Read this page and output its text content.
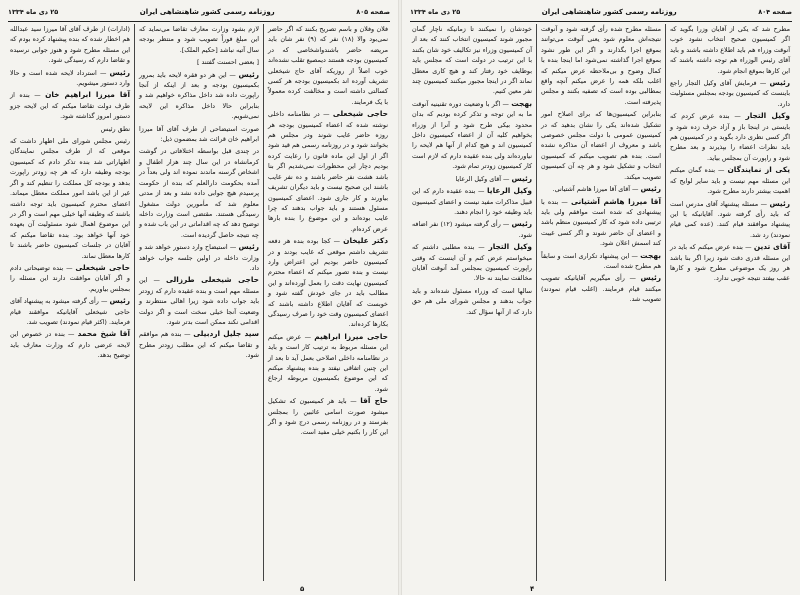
صفحه ۸۰۵
روزنامه رسمی کشور شاهنشاهی ایران
۲۵ دی ماه ۱۳۳۴

فلان وفلان و باسم تصریح بکنند که اگر حاضر نمی‌بود والا (۱۸) نفر که (۹) نفر شان باید مریضه حاضر باشندواشخاصی که در کمیسیون بودجه هستند دیمصیع تقلب نشده‌اند خوب اصلاً از روزیکه آقای حاج شیخعلی تشریف آورده اند بکمیسیون بودجه هر کسی کسالتی داشته است و مخالفت کرده معمولاً با یک فرمایند.

حاجی شیخعلی — در نظامنامه داخلی نوشته شده که اعضاء کمیسیون بودجه هر روزه حاضر غایب شوند ودر مجلس هم بخوانند شود و در روزنامه رسمی هم قید شود اگر از اول این ماده قانون را رعایت کرده بودیم دچار این محظورات نمی‌شدیم اگر بنا باشد هشت نفر حاضر باشند و ده نفر غایب باشند این صحیح نیست و باید دیگران تشریف بیاورند و کار جاری شود. اعضای کمیسیون مسئول هستند و باید جواب بدهند که چرا غایب بوده‌اند و این موضوع را بنده بارها عرض کرده‌ام.

دکتر علیخان — کجا بوده بنده هر دفعه تشریف داشتم موقعی که غایب بودند و در کمیسیون حاضر بودیم این اعتراض وارد نیست و بنده تصور میکنم که اعضاء محترم کمیسیون نهایت دقت را بعمل آورده‌اند و این مطالب باید در جای خودش گفته شود و خوبست که آقایان اطلاع داشته باشند که اعضای کمیسیون وقت خود را صرف رسیدگی بکارها کرده‌اند.

حاجی میرزا ابراهیم — عرض میکنم این مسئله مربوط به ترتیب کار است و باید در نظامنامه داخلی اصلاحی بعمل آید تا بعد از این چنین اتفاقی نیفتد و بنده پیشنهاد میکنم که این موضوع بکمیسیون مربوطه ارجاع شود.

حاج آقا — باید هر کمیسیون که تشکیل میشود صورت اسامی غائبین را بمجلس بفرستد و در روزنامه رسمی درج شود و اگر این کار را بکنیم خیلی مفید است.

لازم بشود وزارت معارف تقاضا می‌نماید که این مبلغ فوراً تصویب شود و منتظر بودجه سال آتیه نباشد [حکیم الملک].

[ بعضی احسنت گفتند ]

رئیس — این هر دو فقره لایحه باید بمرور بکمیسیون بودجه و بعد از اینکه از آنجا راپورت داده شد داخل مذاکره خواهیم شد و بنابراین حالا داخل مذاکره این لایحه نمی‌شویم.

صورت استیضاحی از طرف آقای آقا میرزا ابراهیم خان قرائت شد بمضمون ذیل:

در چندی قبل بواسطه اختلافاتی در گوشت کرمانشاه در این سال چند هزار اطفال و اشخاص گرسنه ماندند نموده اند ولی بعداً در آمده بحکومت دارالعلم که بنده از حکومت پرسیدم هیچ جوابی داده نشد و بعد از مدتی معلوم شد که مأمورین دولت مشغول رسیدگی هستند. مقتضی است وزارت داخله توضیح دهد که چه اقداماتی در این باب شده و چه نتیجه حاصل گردیده است.

رئیس — استیضاح وارد دستور خواهد شد و وزارت داخله در اولین جلسه جواب خواهد داد.

حاجی شیخعلی طرزالی — این مسئله مهم است و بنده عقیده دارم که زودتر باید جواب داده شود زیرا اهالی منتظرند و وضعیت آنجا خیلی سخت است و اگر دولت اقدامی نکند ممکن است بدتر شود.

سید جلیل اردبیلی — بنده هم موافقم و تقاضا میکنم که این مطلب زودتر مطرح شود.

(ادارات) از طرف آقای آقا میرزا سید عبدالله هم اخطار شده که بنده پیشنهاد کرده بودم که این مسئله مطرح شود و هنوز جوابی نرسیده و تقاضا دارم که رسیدگی شود.

رئیس — استرداد لایحه شده است و حالا وارد دستور میشویم.

آقا میرزا ابراهیم خان — بنده از طرف دولت تقاضا میکنم که این لایحه جزو دستور امروز گذاشته شود.

نطق رئیس

رئیس مجلس شورای ملی اظهار داشت که موقعی که از طرف مجلس نمایندگان اظهاراتی شد بنده تذکر دادم که کمیسیون بودجه وظیفه دارد که هر چه زودتر راپورت بدهد و بودجه کل مملکت را تنظیم کند و اگر غیر از این باشد امور مملکت معطل میماند. اعضای محترم کمیسیون باید توجه داشته باشند که وظیفه آنها خیلی مهم است و اگر در این موضوع اهمال شود مسئولیت آن بعهده خود آنها خواهد بود. بنده تقاضا میکنم که آقایان در جلسات کمیسیون حاضر باشند تا کارها معطل نماند.

حاجی شیخعلی — بنده توضیحاتی دادم و اگر آقایان موافقت دارند این مسئله را بمجلس بیاوریم.

رئیس — رأی گرفته میشود به پیشنهاد آقای حاجی شیخعلی آقایانیکه موافقند قیام فرمایند. (اکثر قیام نمودند) تصویب شد.

آقا شیخ محمد — بنده در خصوص این لایحه عرضی دارم که وزارت معارف باید توضیح بدهد.

۵
صفحه ۸۰۴
روزنامه رسمی کشور شاهنشاهی ایران
۲۵ دی ماه ۱۳۳۴

مطرح شد که یکی از آقایان وزرا بگوید که اگر کمیسیون صحیح انتخاب نشود خوب آنوقت وزراء هم باید اطلاع داشته باشند و باید آقای رئیس الوزراء هم توجه داشته باشند که این کارها بموقع انجام شود.

رئیس — فرمایش آقای وکیل التجار راجع باینست که کمیسیون بودجه بمجلس مسئولیت دارد.

وکیل التجار — بنده عرض کردم که بایستی در اینجا باز و آزاد حرف زده شود و اگر کسی نظری دارد بگوید و در کمیسیون هم باید نظرات اعضاء را بپذیرند و بعد مطرح شود و راپورت آن بمجلس بیاید.

یکی از نمایندگان — بنده گمان میکنم این مسئله مهم نیست و باید سایر لوایح که اهمیت بیشتر دارند مطرح شود.

رئیس — مسئله پیشنهاد آقای مدرس است که باید رأی گرفته شود. آقایانیکه با این پیشنهاد موافقند قیام کنند. (عده کمی قیام نمودند) رد شد.

آقای تدین — بنده عرض میکنم که باید در این مسئله قدری دقت شود زیرا اگر بنا باشد هر روز یک موضوعی مطرح شود و کارها عقب بیفتد نتیجه خوبی ندارد.

مسئله مطرح شده رأی گرفته شود و آنوقت نتیجه‌اش معلوم شود یعنی آنوقت می‌توانند بموقع اجرا بگذارند و اگر این طور نشود بموقع اجرا گذاشته نمی‌شود اما اینجا بنده با کمال وضوح و بی‌ملاحظه عرض میکنم که اغلب بلکه همه را عرض میکنم آنچه واقع بمطالبی بوده است که تصفیه بکنند و مجلس پذیرفته است.

بنابراین کمیسیون‌ها که برای اصلاح امور تشکیل شده‌اند یکی را نشان بدهید که در کمیسیون عمومی با دولت مجلس خصوصی باشد و معروف از اعضاء آن مذاکره نشده است. بنده هم تصویب میکنم که کمیسیون انتخاب و تشکیل شود و هر چه آن کمیسیون تصویب میکند.

رئیس — آقای آقا میرزا هاشم آشتیانی.

آقا میرزا هاشم آشتیانی — بنده با پیشنهادی که شده است موافقم ولی باید ترتیبی داده شود که کار کمیسیون منظم باشد و اعضای آن حاضر شوند و اگر کسی غیبت کند اسمش اعلان شود.

بهجت — این پیشنهاد تکراری است و سابقاً هم مطرح شده است.

رئیس — رأی میگیریم آقایانیکه تصویب میکنند قیام فرمایند. (اغلب قیام نمودند) تصویب شد.

خودشان را نمیکنند تا زمانیکه ناچار گمان مجبور شوند کمیسیون انتخاب کنند که بعد از آن کمیسیون وزراء نیز تکالیف خود شان بکنند با این ترتیب در دولت است که مجلس باید بوظایف خود رفتار کند و هیچ کاری معطل نماند اگر در اینجا مجبور میکنند کمیسیون چند نفر معین کنیم.

بهجت — اگر با وضعیت دوره تقنینیه آنوقت ما به این توجه و تذکر کرده بودیم که بدان محدود بیکی طرح شود و آنرا از وزراء بخواهیم کلیه آن از اعضاء کمیسیون داخل کمیسیون اند و هیچ کدام از آنها هم لایحه را نیاورده‌اند ولی بنده عقیده دارم که لازم است کار کمیسیون زودتر تمام شود.

رئیس — آقای وکیل الرعایا

وکیل الرعایا — بنده عقیده دارم که این قبیل مذاکرات مفید نیست و اعضای کمیسیون باید وظیفه خود را انجام دهند.

رئیس — رأی گرفته میشود (۱۲) نفر اضافه شود.

وکیل التجار — بنده مطلبی داشتم که میخواستم عرض کنم و آن اینست که وقتی راپورت کمیسیون بمجلس آمد آنوقت آقایان مخالفت نمایند نه حالا.

سالها است که وزراء مسئول شده‌اند و باید جواب بدهند و مجلس شورای ملی هم حق دارد که از آنها سؤال کند.

۴
